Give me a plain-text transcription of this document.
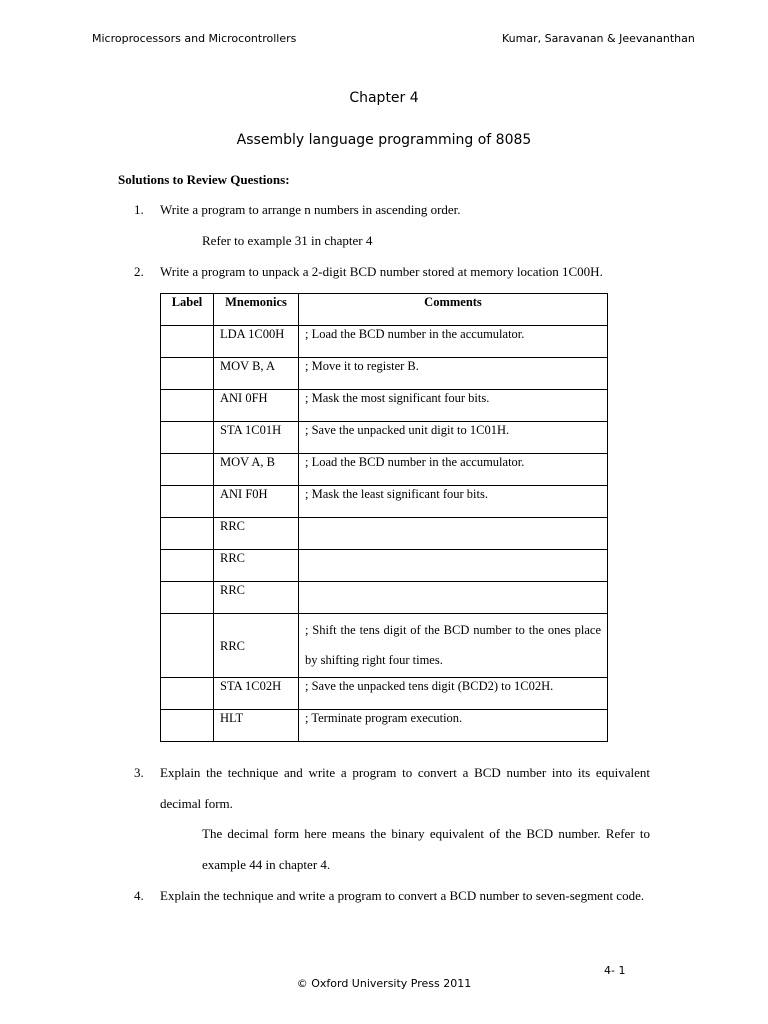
Microprocessors and Microcontrollers	Kumar, Saravanan & Jeevananthan
Chapter 4
Assembly language programming of 8085
Solutions to Review Questions:
1. Write a program to arrange n numbers in ascending order.
Refer to example 31 in chapter 4
2. Write a program to unpack a 2-digit BCD number stored at memory location 1C00H.
Label	Mnemonics	Comments
	LDA 1C00H	; Load the BCD number in the accumulator.
	MOV B, A	; Move it to register B.
	ANI 0FH	; Mask the most significant four bits.
	STA 1C01H	; Save the unpacked unit digit to 1C01H.
	MOV A, B	; Load the BCD number in the accumulator.
	ANI F0H	; Mask the least significant four bits.
	RRC	
	RRC	
	RRC	
	RRC	; Shift the tens digit of the BCD number to the ones place by shifting right four times.
	STA 1C02H	; Save the unpacked tens digit (BCD2) to 1C02H.
	HLT	; Terminate program execution.
3. Explain the technique and write a program to convert a BCD number into its equivalent
decimal form.
The decimal form here means the binary equivalent of the BCD number. Refer to
example 44 in chapter 4.
4. Explain the technique and write a program to convert a BCD number to seven-segment code.
4- 1
© Oxford University Press 2011
